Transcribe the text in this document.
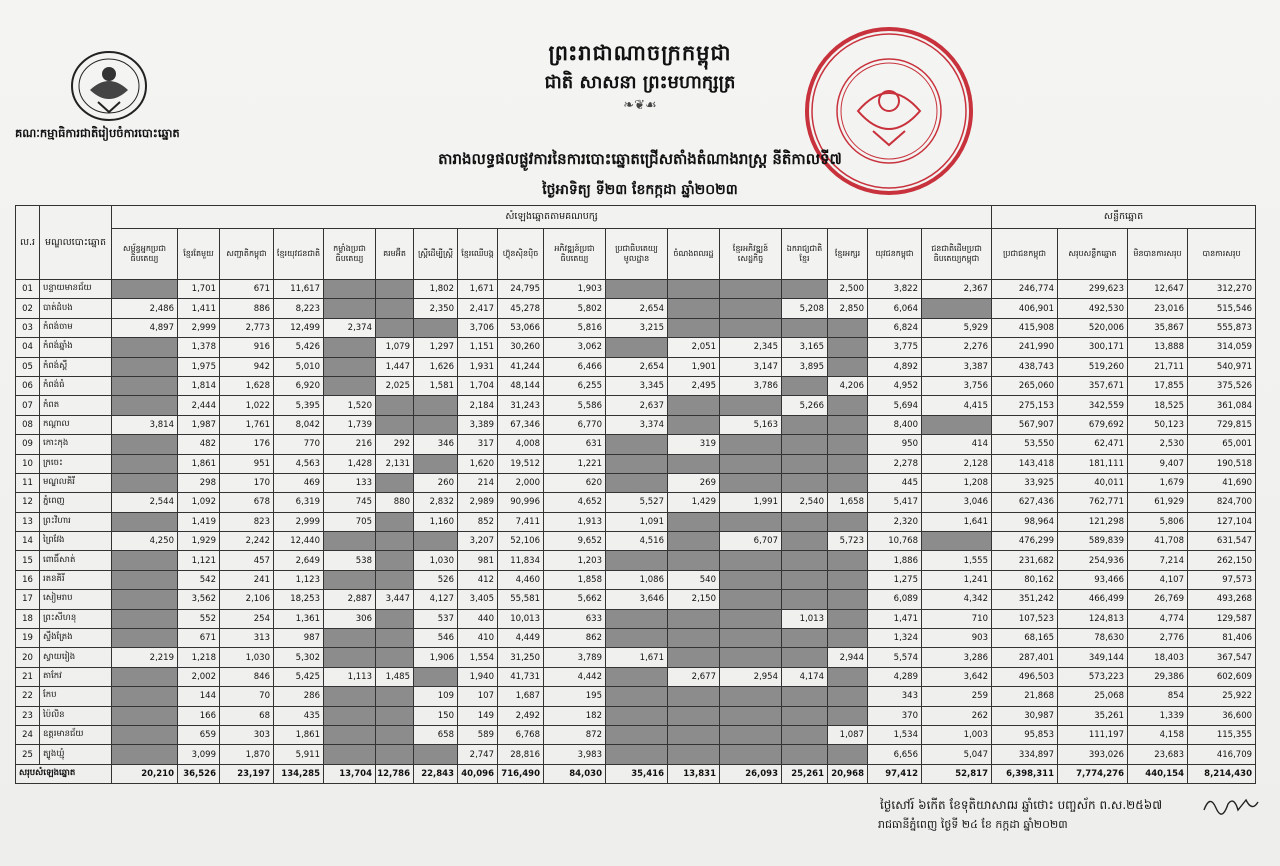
ព្រះរាជាណាចក្រកម្ពុជា
ជាតិ សាសនា ព្រះមហាក្សត្រ
❧❦☙
គណៈកម្មាធិការជាតិរៀបចំការបោះឆ្នោត
តារាងលទ្ធផលផ្លូវការនៃការបោះឆ្នោតជ្រើសតាំងតំណាងរាស្ត្រ នីតិកាលទី៧
ថ្ងៃអាទិត្យ ទី២៣ ខែកក្កដា ឆ្នាំ២០២៣
ល.រ	មណ្ឌលបោះឆ្នោត	សំឡេងឆ្នោតតាមគណបក្ស																	សន្លឹកឆ្នោត			
		សម្ព័ន្ធអ្នកប្រជាធិបតេយ្យ	ខ្មែរតែមួយ	សញ្ជាតិកម្ពុជា	ខ្មែរយុវជនជាតិ	កម្លាំងប្រជាធិបតេយ្យ	គរមអ៊ីត	ស្ត្រីដើម្បីស្ត្រី	ខ្មែរឈើបង្ក	ហ៊្វុនស៊ិនប៉ិច	អភិវឌ្ឍន៍ប្រជាធិបតេយ្យ	ប្រជាធិបតេយ្យមូលដ្ឋាន	ចំណងពលរដ្ឋ	ខ្មែរអភិវឌ្ឍន៍សេដ្ឋកិច្ច	ឯករាជ្យជាតិខ្មែរ	ខ្មែរអក្សរ	យុវជនកម្ពុជា	ជនជាតិដើមប្រជាធិបតេយ្យកម្ពុជា	ប្រជាជនកម្ពុជា	សរុបសន្លឹកឆ្នោត	មិនបានការសរុប	បានការសរុប
01	បន្ទាយមានជ័យ		1,701	671	11,617			1,802	1,671	24,795	1,903					2,500	3,822	2,367	246,774	299,623	12,647	312,270
02	បាត់ដំបង	2,486	1,411	886	8,223			2,350	2,417	45,278	5,802	2,654			5,208	2,850	6,064		406,901	492,530	23,016	515,546
03	កំពង់ចាម	4,897	2,999	2,773	12,499	2,374			3,706	53,066	5,816	3,215					6,824	5,929	415,908	520,006	35,867	555,873
04	កំពង់ឆ្នាំង		1,378	916	5,426		1,079	1,297	1,151	30,260	3,062		2,051	2,345	3,165		3,775	2,276	241,990	300,171	13,888	314,059
05	កំពង់ស្ពឺ		1,975	942	5,010		1,447	1,626	1,931	41,244	6,466	2,654	1,901	3,147	3,895		4,892	3,387	438,743	519,260	21,711	540,971
06	កំពង់ធំ		1,814	1,628	6,920		2,025	1,581	1,704	48,144	6,255	3,345	2,495	3,786		4,206	4,952	3,756	265,060	357,671	17,855	375,526
07	កំពត		2,444	1,022	5,395	1,520			2,184	31,243	5,586	2,637			5,266		5,694	4,415	275,153	342,559	18,525	361,084
08	កណ្ដាល	3,814	1,987	1,761	8,042	1,739			3,389	67,346	6,770	3,374		5,163			8,400		567,907	679,692	50,123	729,815
09	កោះកុង		482	176	770	216	292	346	317	4,008	631		319				950	414	53,550	62,471	2,530	65,001
10	ក្រចេះ		1,861	951	4,563	1,428	2,131		1,620	19,512	1,221						2,278	2,128	143,418	181,111	9,407	190,518
11	មណ្ឌលគិរី		298	170	469	133		260	214	2,000	620		269				445	1,208	33,925	40,011	1,679	41,690
12	ភ្នំពេញ	2,544	1,092	678	6,319	745	880	2,832	2,989	90,996	4,652	5,527	1,429	1,991	2,540	1,658	5,417	3,046	627,436	762,771	61,929	824,700
13	ព្រះវិហារ		1,419	823	2,999	705		1,160	852	7,411	1,913	1,091					2,320	1,641	98,964	121,298	5,806	127,104
14	ព្រៃវែង	4,250	1,929	2,242	12,440				3,207	52,106	9,652	4,516		6,707		5,723	10,768		476,299	589,839	41,708	631,547
15	ពោធិ៍សាត់		1,121	457	2,649	538		1,030	981	11,834	1,203						1,886	1,555	231,682	254,936	7,214	262,150
16	រតនគិរី		542	241	1,123			526	412	4,460	1,858	1,086	540				1,275	1,241	80,162	93,466	4,107	97,573
17	សៀមរាប		3,562	2,106	18,253	2,887	3,447	4,127	3,405	55,581	5,662	3,646	2,150				6,089	4,342	351,242	466,499	26,769	493,268
18	ព្រះសីហនុ		552	254	1,361	306		537	440	10,013	633				1,013		1,471	710	107,523	124,813	4,774	129,587
19	ស្ទឹងត្រែង		671	313	987			546	410	4,449	862						1,324	903	68,165	78,630	2,776	81,406
20	ស្វាយរៀង	2,219	1,218	1,030	5,302			1,906	1,554	31,250	3,789	1,671				2,944	5,574	3,286	287,401	349,144	18,403	367,547
21	តាកែវ		2,002	846	5,425	1,113	1,485		1,940	41,731	4,442		2,677	2,954	4,174		4,289	3,642	496,503	573,223	29,386	602,609
22	កែប		144	70	286			109	107	1,687	195						343	259	21,868	25,068	854	25,922
23	ប៉ៃលិន		166	68	435			150	149	2,492	182						370	262	30,987	35,261	1,339	36,600
24	ឧត្ដរមានជ័យ		659	303	1,861			658	589	6,768	872					1,087	1,534	1,003	95,853	111,197	4,158	115,355
25	ត្បូងឃ្មុំ		3,099	1,870	5,911				2,747	28,816	3,983						6,656	5,047	334,897	393,026	23,683	416,709
សរុបសំឡេងឆ្នោត		20,210	36,526	23,197	134,285	13,704	12,786	22,843	40,096	716,490	84,030	35,416	13,831	26,093	25,261	20,968	97,412	52,817	6,398,311	7,774,276	440,154	8,214,430
ថ្ងៃសៅរ៍ ៦កើត ខែទុតិយាសាឍ ឆ្នាំថោះ បញ្ចស័ក ព.ស.២៥៦៧
រាជធានីភ្នំពេញ ថ្ងៃទី ២៤ ខែ កក្កដា ឆ្នាំ២០២៣
